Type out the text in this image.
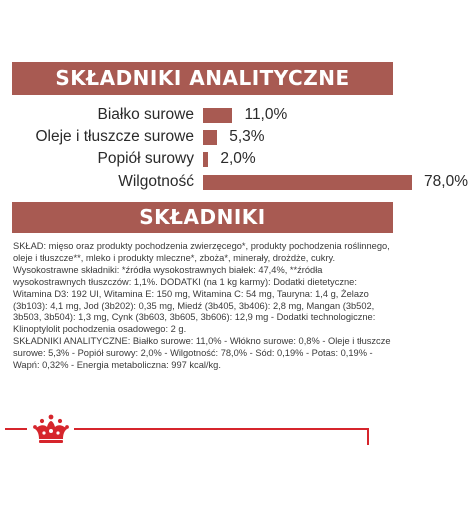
SKŁADNIKI ANALITYCZNE
Białko surowe	11,0%
Oleje i tłuszcze surowe 5,3%
Popiół surowy 2,0%
Wilgotność	78,0%
SKŁADNIKI

SKŁAD: mięso oraz produkty pochodzenia zwierzęcego*, produkty pochodzenia roślinnego, oleje i tłuszcze**, mleko i produkty mleczne*, zboża*, minerały, drożdże, cukry. Wysokostrawne składniki: *źródła wysokostrawnych białek: 47,4%, **źródła wysokostrawnych tłuszczów: 1,1%. DODATKI (na 1 kg karmy): Dodatki dietetyczne: Witamina D3: 192 UI, Witamina E: 150 mg, Witamina C: 54 mg, Tauryna: 1,4 g, Żelazo (3b103): 4,1 mg, Jod (3b202): 0,35 mg, Miedź (3b405, 3b406): 2,8 mg, Mangan (3b502, 3b503, 3b504): 1,3 mg, Cynk (3b603, 3b605, 3b606): 12,9 mg - Dodatki technologiczne: Klinoptylolit pochodzenia osadowego: 2 g.

SKŁADNIKI ANALITYCZNE: Białko surowe: 11,0% - Włókno surowe: 0,8% - Oleje i tłuszcze surowe: 5,3% - Popiół surowy: 2,0% - Wilgotność: 78,0% - Sód: 0,19% - Potas: 0,19% - Wapń: 0,32% - Energia metaboliczna: 997 kcal/kg.
